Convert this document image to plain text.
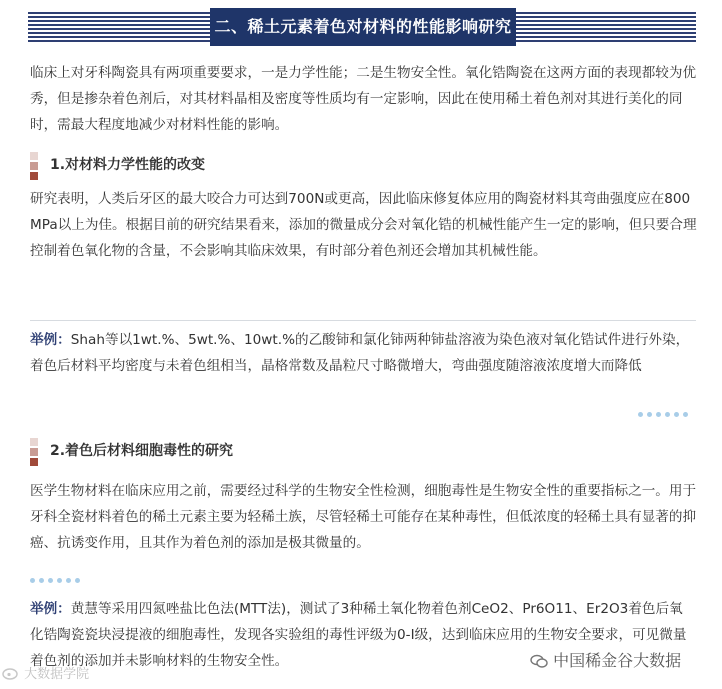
二、稀土元素着色对材料的性能影响研究

临床上对牙科陶瓷具有两项重要要求，一是力学性能；二是生物安全性。氧化锆陶瓷在这两方面的表现都较为优秀，但是掺杂着色剂后，对其材料晶相及密度等性质均有一定影响，因此在使用稀土着色剂对其进行美化的同时，需最大程度地减少对材料性能的影响。

1.对材料力学性能的改变

研究表明，人类后牙区的最大咬合力可达到700N或更高，因此临床修复体应用的陶瓷材料其弯曲强度应在800MPa以上为佳。根据目前的研究结果看来，添加的微量成分会对氧化锆的机械性能产生一定的影响，但只要合理控制着色氧化物的含量，不会影响其临床效果，有时部分着色剂还会增加其机械性能。

举例：Shah等以1wt.%、5wt.%、10wt.%的乙酸铈和氯化铈两种铈盐溶液为染色液对氧化锆试件进行外染，着色后材料平均密度与未着色组相当，晶格常数及晶粒尺寸略微增大，弯曲强度随溶液浓度增大而降低

2.着色后材料细胞毒性的研究

医学生物材料在临床应用之前，需要经过科学的生物安全性检测，细胞毒性是生物安全性的重要指标之一。用于牙科全瓷材料着色的稀土元素主要为轻稀土族，尽管轻稀土可能存在某种毒性，但低浓度的轻稀土具有显著的抑癌、抗诱变作用，且其作为着色剂的添加是极其微量的。

举例：黄慧等采用四氮唑盐比色法(MTT法)，测试了3种稀土氧化物着色剂CeO2、Pr6O11、Er2O3着色后氧化锆陶瓷瓷块浸提液的细胞毒性，发现各实验组的毒性评级为0-I级，达到临床应用的生物安全要求，可见微量着色剂的添加并未影响材料的生物安全性。

大数据学院
中国稀金谷大数据
